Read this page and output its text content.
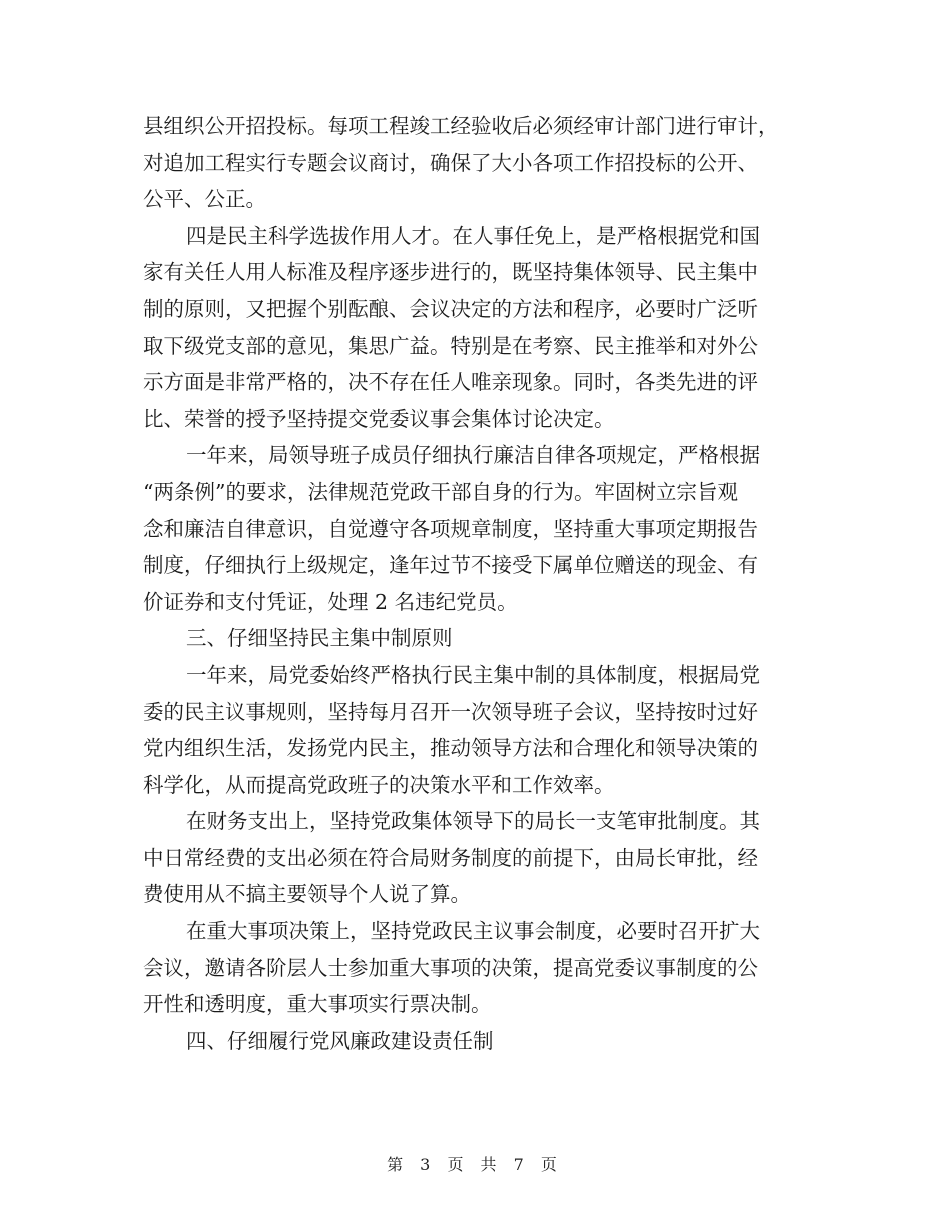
县组织公开招投标。每项工程竣工经验收后必须经审计部门进行审计，
对追加工程实行专题会议商讨，确保了大小各项工作招投标的公开、
公平、公正。

四是民主科学选拔作用人才。在人事任免上，是严格根据党和国
家有关任人用人标准及程序逐步进行的，既坚持集体领导、民主集中
制的原则，又把握个别酝酿、会议决定的方法和程序，必要时广泛听
取下级党支部的意见，集思广益。特别是在考察、民主推举和对外公
示方面是非常严格的，决不存在任人唯亲现象。同时，各类先进的评
比、荣誉的授予坚持提交党委议事会集体讨论决定。

一年来，局领导班子成员仔细执行廉洁自律各项规定，严格根据
“两条例”的要求，法律规范党政干部自身的行为。牢固树立宗旨观
念和廉洁自律意识，自觉遵守各项规章制度，坚持重大事项定期报告
制度，仔细执行上级规定，逢年过节不接受下属单位赠送的现金、有
价证券和支付凭证，处理 2 名违纪党员。

三、仔细坚持民主集中制原则

一年来，局党委始终严格执行民主集中制的具体制度，根据局党
委的民主议事规则，坚持每月召开一次领导班子会议，坚持按时过好
党内组织生活，发扬党内民主，推动领导方法和合理化和领导决策的
科学化，从而提高党政班子的决策水平和工作效率。

在财务支出上，坚持党政集体领导下的局长一支笔审批制度。其
中日常经费的支出必须在符合局财务制度的前提下，由局长审批，经
费使用从不搞主要领导个人说了算。

在重大事项决策上，坚持党政民主议事会制度，必要时召开扩大
会议，邀请各阶层人士参加重大事项的决策，提高党委议事制度的公
开性和透明度，重大事项实行票决制。

四、仔细履行党风廉政建设责任制

第 3 页 共 7 页
